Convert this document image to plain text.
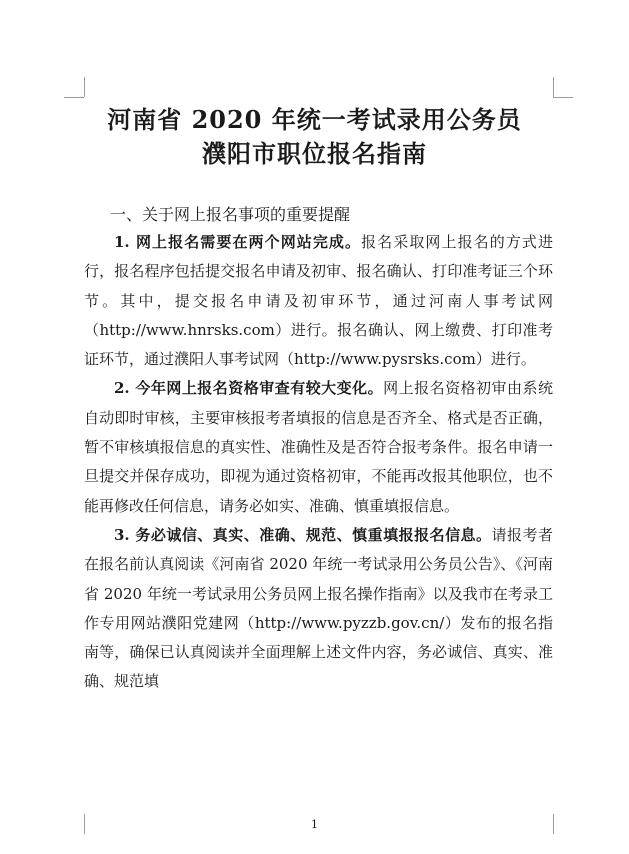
河南省 2020 年统一考试录用公务员
濮阳市职位报名指南
一、关于网上报名事项的重要提醒

1. 网上报名需要在两个网站完成。报名采取网上报名的方式进行，报名程序包括提交报名申请及初审、报名确认、打印准考证三个环节。其中，提交报名申请及初审环节，通过河南人事考试网（http://www.hnrsks.com）进行。报名确认、网上缴费、打印准考证环节，通过濮阳人事考试网（http://www.pysrsks.com）进行。

2. 今年网上报名资格审查有较大变化。网上报名资格初审由系统自动即时审核，主要审核报考者填报的信息是否齐全、格式是否正确，暂不审核填报信息的真实性、准确性及是否符合报考条件。报名申请一旦提交并保存成功，即视为通过资格初审，不能再改报其他职位，也不能再修改任何信息，请务必如实、准确、慎重填报信息。

3. 务必诚信、真实、准确、规范、慎重填报报名信息。请报考者在报名前认真阅读《河南省 2020 年统一考试录用公务员公告》、《河南省 2020 年统一考试录用公务员网上报名操作指南》以及我市在考录工作专用网站濮阳党建网（http://www.pyzzb.gov.cn/）发布的报名指南等，确保已认真阅读并全面理解上述文件内容，务必诚信、真实、准确、规范填

1
